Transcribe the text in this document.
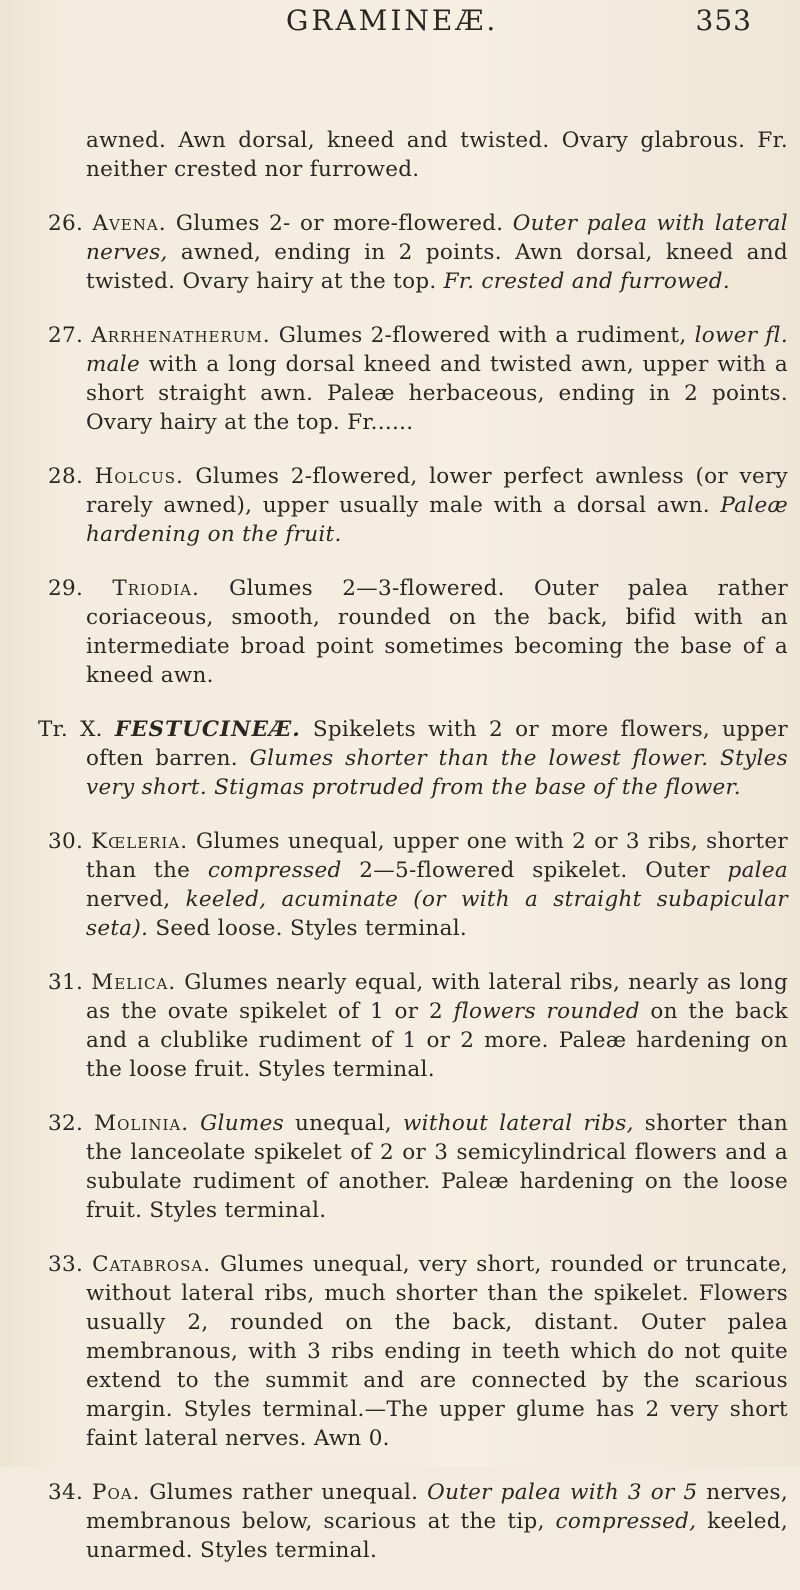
GRAMINEÆ.	353

awned. Awn dorsal, kneed and twisted. Ovary glabrous. Fr. neither crested nor furrowed.

26. Avena. Glumes 2- or more-flowered. Outer palea with lateral nerves, awned, ending in 2 points. Awn dorsal, kneed and twisted. Ovary hairy at the top. Fr. crested and furrowed.

27. Arrhenatherum. Glumes 2-flowered with a rudiment, lower fl. male with a long dorsal kneed and twisted awn, upper with a short straight awn. Paleæ herbaceous, ending in 2 points. Ovary hairy at the top. Fr......

28. Holcus. Glumes 2-flowered, lower perfect awnless (or very rarely awned), upper usually male with a dorsal awn. Paleæ hardening on the fruit.

29. Triodia. Glumes 2—3-flowered. Outer palea rather coriaceous, smooth, rounded on the back, bifid with an intermediate broad point sometimes becoming the base of a kneed awn.

Tr. X. FESTUCINEÆ. Spikelets with 2 or more flowers, upper often barren. Glumes shorter than the lowest flower. Styles very short. Stigmas protruded from the base of the flower.

30. Kœleria. Glumes unequal, upper one with 2 or 3 ribs, shorter than the compressed 2—5-flowered spikelet. Outer palea nerved, keeled, acuminate (or with a straight subapicular seta). Seed loose. Styles terminal.

31. Melica. Glumes nearly equal, with lateral ribs, nearly as long as the ovate spikelet of 1 or 2 flowers rounded on the back and a clublike rudiment of 1 or 2 more. Paleæ hardening on the loose fruit. Styles terminal.

32. Molinia. Glumes unequal, without lateral ribs, shorter than the lanceolate spikelet of 2 or 3 semicylindrical flowers and a subulate rudiment of another. Paleæ hardening on the loose fruit. Styles terminal.

33. Catabrosa. Glumes unequal, very short, rounded or truncate, without lateral ribs, much shorter than the spikelet. Flowers usually 2, rounded on the back, distant. Outer palea membranous, with 3 ribs ending in teeth which do not quite extend to the summit and are connected by the scarious margin. Styles terminal.—The upper glume has 2 very short faint lateral nerves. Awn 0.

34. Poa. Glumes rather unequal. Outer palea with 3 or 5 nerves, membranous below, scarious at the tip, compressed, keeled, unarmed. Styles terminal.
